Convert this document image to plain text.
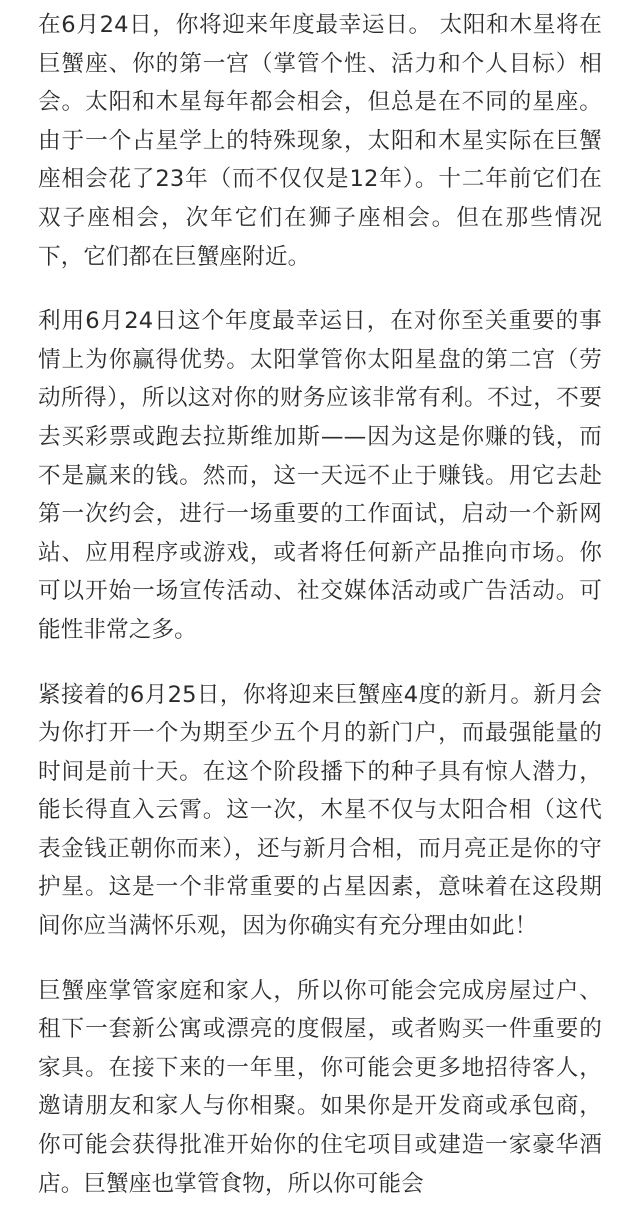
在6月24日，你将迎来年度最幸运日。 太阳和木星将在巨蟹座、你的第一宫（掌管个性、活力和个人目标）相会。太阳和木星每年都会相会，但总是在不同的星座。由于一个占星学上的特殊现象，太阳和木星实际在巨蟹座相会花了23年（而不仅仅是12年）。十二年前它们在双子座相会，次年它们在狮子座相会。但在那些情况下，它们都在巨蟹座附近。

利用6月24日这个年度最幸运日，在对你至关重要的事情上为你赢得优势。太阳掌管你太阳星盘的第二宫（劳动所得），所以这对你的财务应该非常有利。不过，不要去买彩票或跑去拉斯维加斯——因为这是你赚的钱，而不是赢来的钱。然而，这一天远不止于赚钱。用它去赴第一次约会，进行一场重要的工作面试，启动一个新网站、应用程序或游戏，或者将任何新产品推向市场。你可以开始一场宣传活动、社交媒体活动或广告活动。可能性非常之多。

紧接着的6月25日，你将迎来巨蟹座4度的新月。新月会为你打开一个为期至少五个月的新门户，而最强能量的时间是前十天。在这个阶段播下的种子具有惊人潜力，能长得直入云霄。这一次，木星不仅与太阳合相（这代表金钱正朝你而来），还与新月合相，而月亮正是你的守护星。这是一个非常重要的占星因素，意味着在这段期间你应当满怀乐观，因为你确实有充分理由如此！

巨蟹座掌管家庭和家人，所以你可能会完成房屋过户、租下一套新公寓或漂亮的度假屋，或者购买一件重要的家具。在接下来的一年里，你可能会更多地招待客人，邀请朋友和家人与你相聚。如果你是开发商或承包商，你可能会获得批准开始你的住宅项目或建造一家豪华酒店。巨蟹座也掌管食物，所以你可能会
